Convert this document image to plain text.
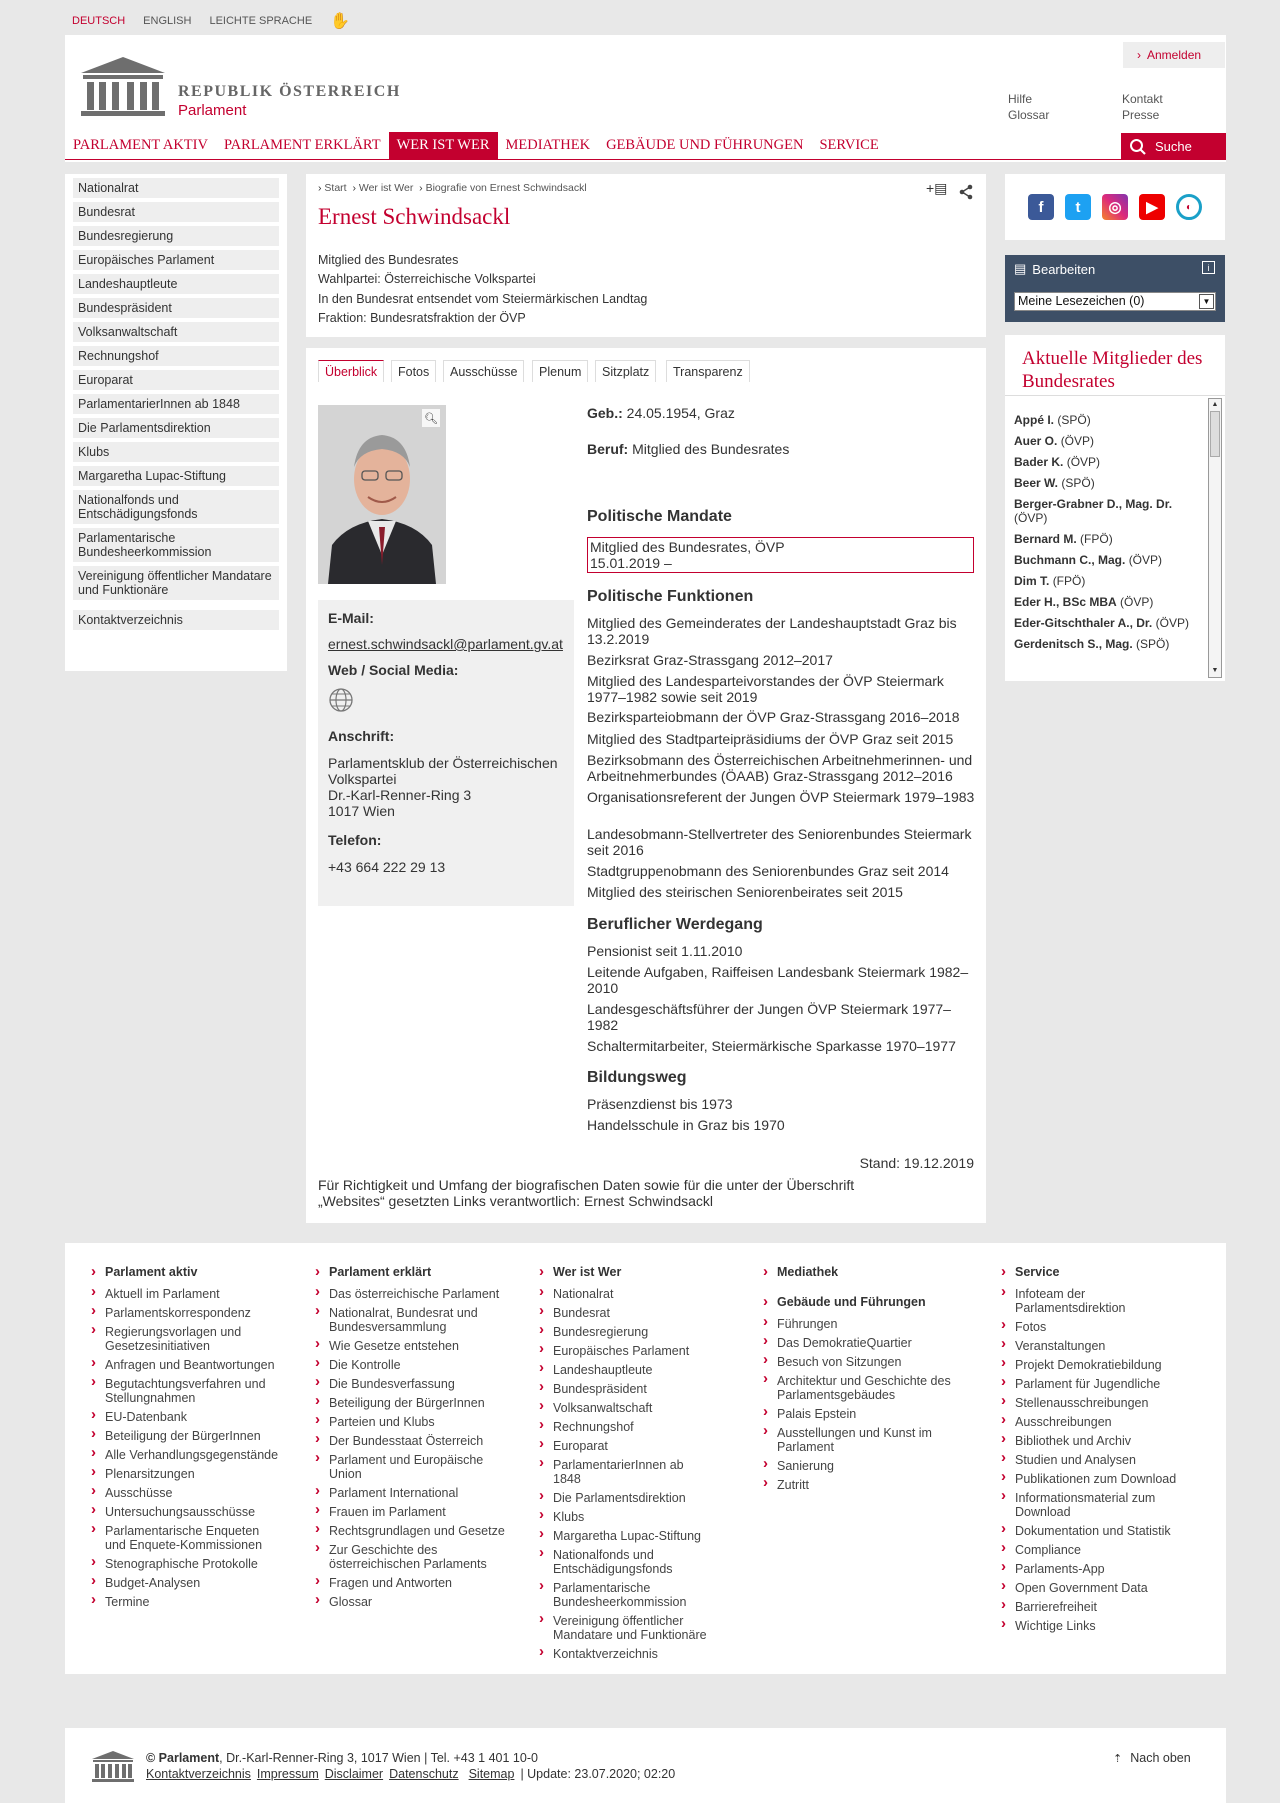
DEUTSCH ENGLISH LEICHTE SPRACHE ✋
REPUBLIK ÖSTERREICH
Parlament
› Anmelden
Hilfe
Glossar
Kontakt
Presse
PARLAMENT AKTIV	PARLAMENT ERKLÄRT	WER IST WER	MEDIATHEK	GEBÄUDE UND FÜHRUNGEN	SERVICE	Suche
Nationalrat
Bundesrat
Bundesregierung
Europäisches Parlament
Landeshauptleute
Bundespräsident
Volksanwaltschaft
Rechnungshof
Europarat
ParlamentarierInnen ab 1848
Die Parlamentsdirektion
Klubs
Margaretha Lupac-Stiftung
Nationalfonds und Entschädigungsfonds
Parlamentarische Bundesheerkommission
Vereinigung öffentlicher Mandatare und Funktionäre
Kontaktverzeichnis
› Start › Wer ist Wer › Biografie von Ernest Schwindsackl	+▤
Ernest Schwindsackl
Mitglied des Bundesrates
Wahlpartei: Österreichische Volkspartei
In den Bundesrat entsendet vom Steiermärkischen Landtag
Fraktion: Bundesratsfraktion der ÖVP
Überblick	Fotos	Ausschüsse	Plenum	Sitzplatz	Transparenz
🔍︎
E-Mail:
ernest.schwindsackl@parlament.gv.at
Web / Social Media:
Anschrift:
Parlamentsklub der Österreichischen
Volkspartei
Dr.-Karl-Renner-Ring 3
1017 Wien
Telefon:
+43 664 222 29 13
Geb.: 24.05.1954, Graz
Beruf: Mitglied des Bundesrates
Politische Mandate
Mitglied des Bundesrates, ÖVP
15.01.2019 –
Politische Funktionen
Mitglied des Gemeinderates der Landeshauptstadt Graz bis 13.2.2019
Bezirksrat Graz-Strassgang 2012–2017
Mitglied des Landesparteivorstandes der ÖVP Steiermark 1977–1982 sowie seit 2019
Bezirksparteiobmann der ÖVP Graz-Strassgang 2016–2018
Mitglied des Stadtparteipräsidiums der ÖVP Graz seit 2015
Bezirksobmann des Österreichischen Arbeitnehmerinnen- und Arbeitnehmerbundes (ÖAAB) Graz-Strassgang 2012–2016
Organisationsreferent der Jungen ÖVP Steiermark 1979–1983
Landesobmann-Stellvertreter des Seniorenbundes Steiermark seit 2016
Stadtgruppenobmann des Seniorenbundes Graz seit 2014
Mitglied des steirischen Seniorenbeirates seit 2015
Beruflicher Werdegang
Pensionist seit 1.11.2010
Leitende Aufgaben, Raiffeisen Landesbank Steiermark 1982–2010
Landesgeschäftsführer der Jungen ÖVP Steiermark 1977–1982
Schaltermitarbeiter, Steiermärkische Sparkasse 1970–1977
Bildungsweg
Präsenzdienst bis 1973
Handelsschule in Graz bis 1970
Stand: 19.12.2019
Für Richtigkeit und Umfang der biografischen Daten sowie für die unter der Überschrift „Websites“ gesetzten Links verantwortlich: Ernest Schwindsackl
f	t	◎	▶	◐
▤ Bearbeiten	i
Meine Lesezeichen (0)	▼
Aktuelle Mitglieder des Bundesrates
Appé I. (SPÖ)
Auer O. (ÖVP)
Bader K. (ÖVP)
Beer W. (SPÖ)
Berger-Grabner D., Mag. Dr. (ÖVP)
Bernard M. (FPÖ)
Buchmann C., Mag. (ÖVP)
Dim T. (FPÖ)
Eder H., BSc MBA (ÖVP)
Eder-Gitschthaler A., Dr. (ÖVP)
Gerdenitsch S., Mag. (SPÖ)
▲
▼
› Parlament aktiv
› Aktuell im Parlament
› Parlamentskorrespondenz
› Regierungsvorlagen und Gesetzesinitiativen
› Anfragen und Beantwortungen
› Begutachtungsverfahren und Stellungnahmen
› EU-Datenbank
› Beteiligung der BürgerInnen
› Alle Verhandlungsgegenstände
› Plenarsitzungen
› Ausschüsse
› Untersuchungsausschüsse
› Parlamentarische Enqueten und Enquete-Kommissionen
› Stenographische Protokolle
› Budget-Analysen
› Termine
› Parlament erklärt
› Das österreichische Parlament
› Nationalrat, Bundesrat und Bundesversammlung
› Wie Gesetze entstehen
› Die Kontrolle
› Die Bundesverfassung
› Beteiligung der BürgerInnen
› Parteien und Klubs
› Der Bundesstaat Österreich
› Parlament und Europäische Union
› Parlament International
› Frauen im Parlament
› Rechtsgrundlagen und Gesetze
› Zur Geschichte des österreichischen Parlaments
› Fragen und Antworten
› Glossar
› Wer ist Wer
› Nationalrat
› Bundesrat
› Bundesregierung
› Europäisches Parlament
› Landeshauptleute
› Bundespräsident
› Volksanwaltschaft
› Rechnungshof
› Europarat
› ParlamentarierInnen ab 1848
› Die Parlamentsdirektion
› Klubs
› Margaretha Lupac-Stiftung
› Nationalfonds und Entschädigungsfonds
› Parlamentarische Bundesheerkommission
› Vereinigung öffentlicher Mandatare und Funktionäre
› Kontaktverzeichnis
› Mediathek
› Gebäude und Führungen
› Führungen
› Das DemokratieQuartier
› Besuch von Sitzungen
› Architektur und Geschichte des Parlamentsgebäudes
› Palais Epstein
› Ausstellungen und Kunst im Parlament
› Sanierung
› Zutritt
› Service
› Infoteam der Parlamentsdirektion
› Fotos
› Veranstaltungen
› Projekt Demokratiebildung
› Parlament für Jugendliche
› Stellenausschreibungen
› Ausschreibungen
› Bibliothek und Archiv
› Studien und Analysen
› Publikationen zum Download
› Informationsmaterial zum Download
› Dokumentation und Statistik
› Compliance
› Parlaments-App
› Open Government Data
› Barrierefreiheit
› Wichtige Links
© Parlament, Dr.-Karl-Renner-Ring 3, 1017 Wien | Tel. +43 1 401 10-0
Kontaktverzeichnis Impressum Disclaimer Datenschutz Sitemap | Update: 23.07.2020; 02:20
⇡ Nach oben
